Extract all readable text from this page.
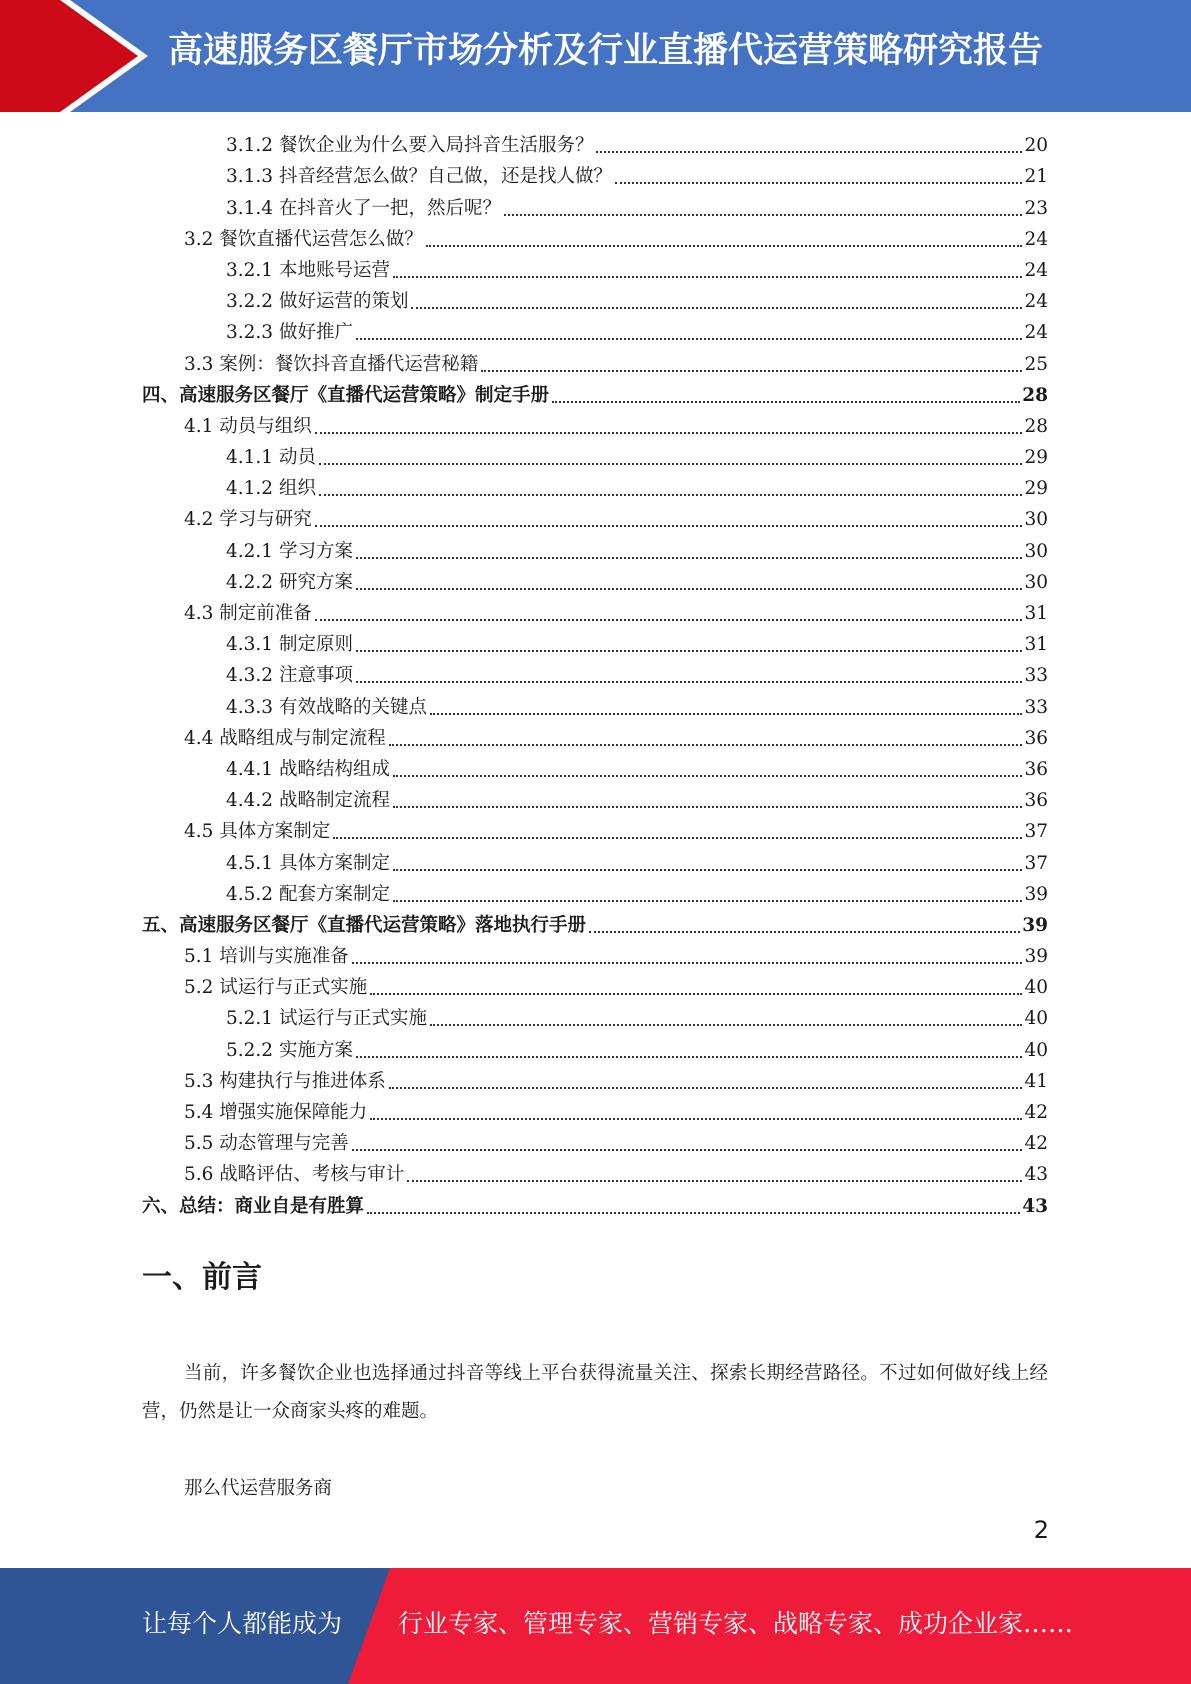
高速服务区餐厅市场分析及行业直播代运营策略研究报告
3.1.2 餐饮企业为什么要入局抖音生活服务？	20
3.1.3 抖音经营怎么做？自己做，还是找人做？	21
3.1.4 在抖音火了一把，然后呢？	23
3.2 餐饮直播代运营怎么做？	24
3.2.1 本地账号运营	24
3.2.2 做好运营的策划	24
3.2.3 做好推广	24
3.3 案例：餐饮抖音直播代运营秘籍	25
四、高速服务区餐厅《直播代运营策略》制定手册	28
4.1 动员与组织	28
4.1.1 动员	29
4.1.2 组织	29
4.2 学习与研究	30
4.2.1 学习方案	30
4.2.2 研究方案	30
4.3 制定前准备	31
4.3.1 制定原则	31
4.3.2 注意事项	33
4.3.3 有效战略的关键点	33
4.4 战略组成与制定流程	36
4.4.1 战略结构组成	36
4.4.2 战略制定流程	36
4.5 具体方案制定	37
4.5.1 具体方案制定	37
4.5.2 配套方案制定	39
五、高速服务区餐厅《直播代运营策略》落地执行手册	39
5.1 培训与实施准备	39
5.2 试运行与正式实施	40
5.2.1 试运行与正式实施	40
5.2.2 实施方案	40
5.3 构建执行与推进体系	41
5.4 增强实施保障能力	42
5.5 动态管理与完善	42
5.6 战略评估、考核与审计	43
六、总结：商业自是有胜算	43
一、前言
当前，许多餐饮企业也选择通过抖音等线上平台获得流量关注、探索长期经营路径。不过如何做好线上经营，仍然是让一众商家头疼的难题。
那么代运营服务商
2
让每个人都能成为 行业专家、管理专家、营销专家、战略专家、成功企业家……
